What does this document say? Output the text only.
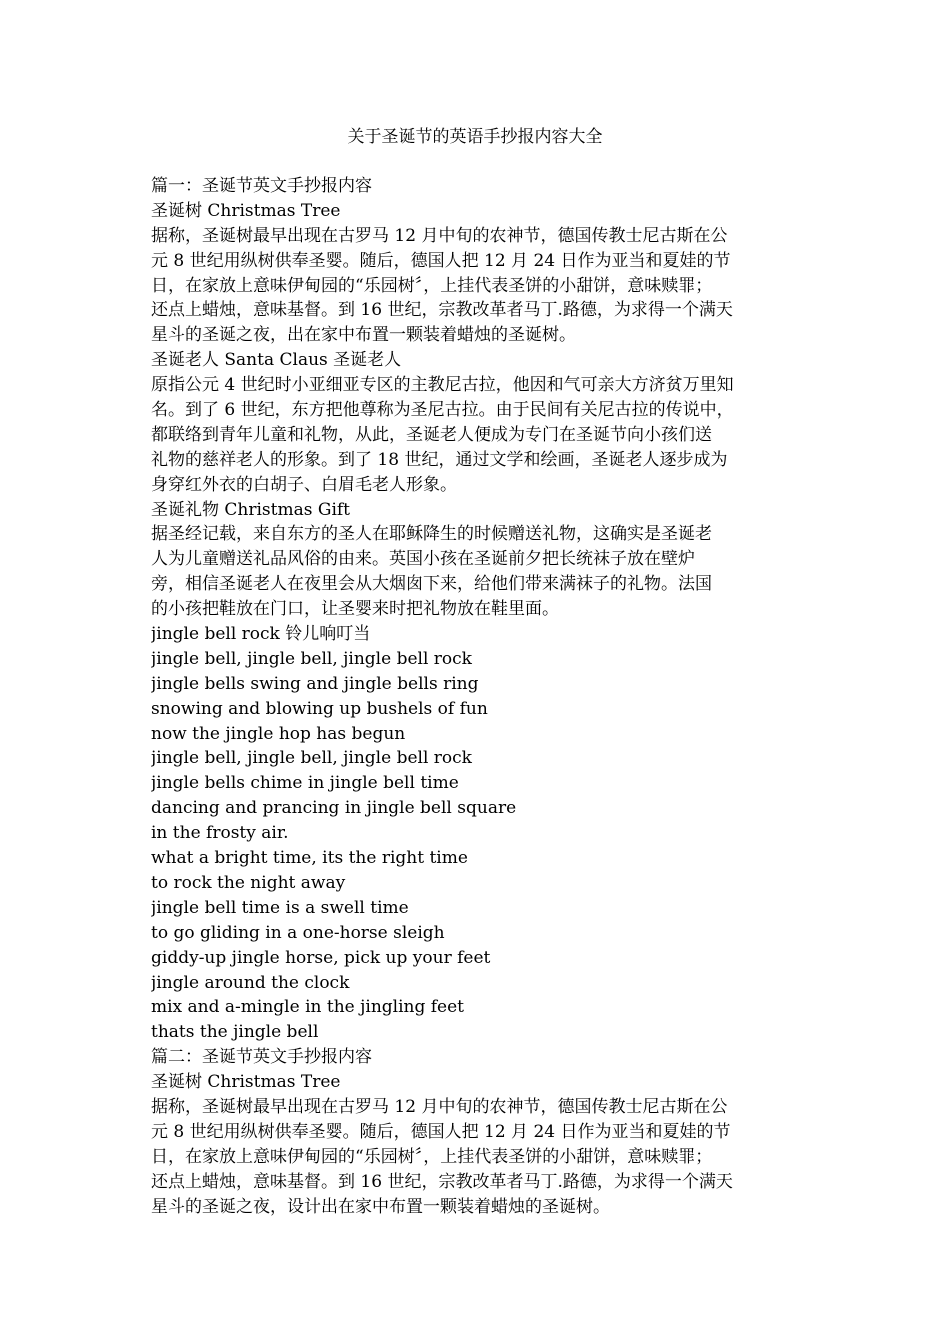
关于圣诞节的英语手抄报内容大全
篇一：圣诞节英文手抄报内容
圣诞树 Christmas Tree
据称，圣诞树最早出现在古罗马 12 月中旬的农神节，德国传教士尼古斯在公
元 8 世纪用纵树供奉圣婴。随后，德国人把 12 月 24 日作为亚当和夏娃的节
日，在家放上意味伊甸园的“乐园树〞，上挂代表圣饼的小甜饼，意味赎罪；
还点上蜡烛，意味基督。到 16 世纪，宗教改革者马丁.路德，为求得一个满天
星斗的圣诞之夜，出在家中布置一颗装着蜡烛的圣诞树。
圣诞老人 Santa Claus 圣诞老人
原指公元 4 世纪时小亚细亚专区的主教尼古拉，他因和气可亲大方济贫万里知
名。到了 6 世纪，东方把他尊称为圣尼古拉。由于民间有关尼古拉的传说中，
都联络到青年儿童和礼物，从此，圣诞老人便成为专门在圣诞节向小孩们送
礼物的慈祥老人的形象。到了 18 世纪，通过文学和绘画，圣诞老人逐步成为
身穿红外衣的白胡子、白眉毛老人形象。
圣诞礼物 Christmas Gift
据圣经记载，来自东方的圣人在耶稣降生的时候赠送礼物，这确实是圣诞老
人为儿童赠送礼品风俗的由来。英国小孩在圣诞前夕把长统袜子放在壁炉
旁，相信圣诞老人在夜里会从大烟囱下来，给他们带来满袜子的礼物。法国
的小孩把鞋放在门口，让圣婴来时把礼物放在鞋里面。
jingle bell rock 铃儿响叮当
jingle bell, jingle bell, jingle bell rock
jingle bells swing and jingle bells ring
snowing and blowing up bushels of fun
now the jingle hop has begun
jingle bell, jingle bell, jingle bell rock
jingle bells chime in jingle bell time
dancing and prancing in jingle bell square
in the frosty air.
what a bright time, its the right time
to rock the night away
jingle bell time is a swell time
to go gliding in a one-horse sleigh
giddy-up jingle horse, pick up your feet
jingle around the clock
mix and a-mingle in the jingling feet
thats the jingle bell
篇二：圣诞节英文手抄报内容
圣诞树 Christmas Tree
据称，圣诞树最早出现在古罗马 12 月中旬的农神节，德国传教士尼古斯在公
元 8 世纪用纵树供奉圣婴。随后，德国人把 12 月 24 日作为亚当和夏娃的节
日，在家放上意味伊甸园的“乐园树〞，上挂代表圣饼的小甜饼，意味赎罪；
还点上蜡烛，意味基督。到 16 世纪，宗教改革者马丁.路德，为求得一个满天
星斗的圣诞之夜，设计出在家中布置一颗装着蜡烛的圣诞树。
